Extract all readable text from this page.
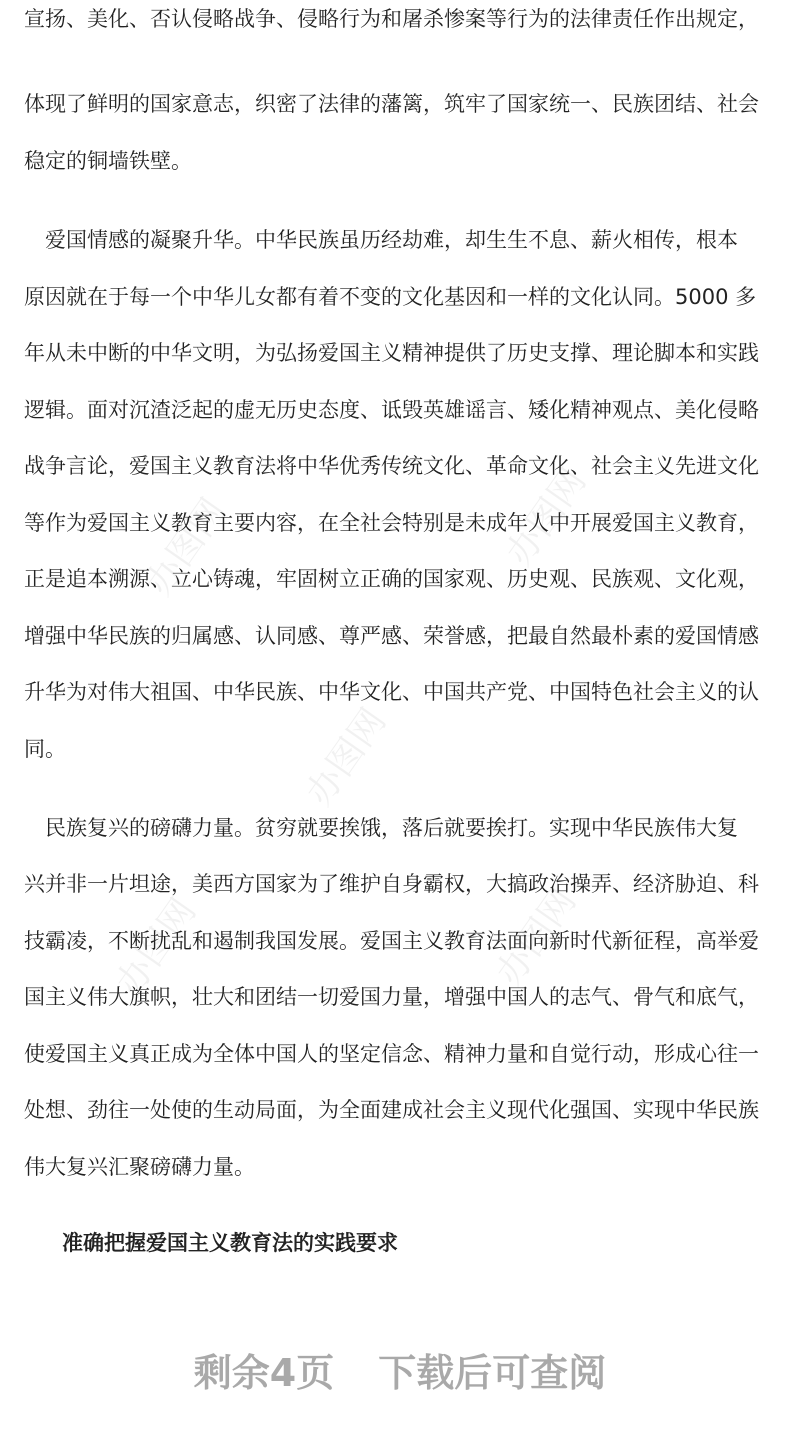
宣扬、美化、否认侵略战争、侵略行为和屠杀惨案等行为的法律责任作出规定，
体现了鲜明的国家意志，织密了法律的藩篱，筑牢了国家统一、民族团结、社会
稳定的铜墙铁壁。
　爱国情感的凝聚升华。中华民族虽历经劫难，却生生不息、薪火相传，根本
原因就在于每一个中华儿女都有着不变的文化基因和一样的文化认同。5000 多
年从未中断的中华文明，为弘扬爱国主义精神提供了历史支撑、理论脚本和实践
逻辑。面对沉渣泛起的虚无历史态度、诋毁英雄谣言、矮化精神观点、美化侵略
战争言论，爱国主义教育法将中华优秀传统文化、革命文化、社会主义先进文化
等作为爱国主义教育主要内容，在全社会特别是未成年人中开展爱国主义教育，
正是追本溯源、立心铸魂，牢固树立正确的国家观、历史观、民族观、文化观，
增强中华民族的归属感、认同感、尊严感、荣誉感，把最自然最朴素的爱国情感
升华为对伟大祖国、中华民族、中华文化、中国共产党、中国特色社会主义的认
同。
　民族复兴的磅礴力量。贫穷就要挨饿，落后就要挨打。实现中华民族伟大复
兴并非一片坦途，美西方国家为了维护自身霸权，大搞政治操弄、经济胁迫、科
技霸凌，不断扰乱和遏制我国发展。爱国主义教育法面向新时代新征程，高举爱
国主义伟大旗帜，壮大和团结一切爱国力量，增强中国人的志气、骨气和底气，
使爱国主义真正成为全体中国人的坚定信念、精神力量和自觉行动，形成心往一
处想、劲往一处使的生动局面，为全面建成社会主义现代化强国、实现中华民族
伟大复兴汇聚磅礴力量。
准确把握爱国主义教育法的实践要求
办图网	办图网
办图网
办图网	办图网
剩余4页 下载后可查阅
